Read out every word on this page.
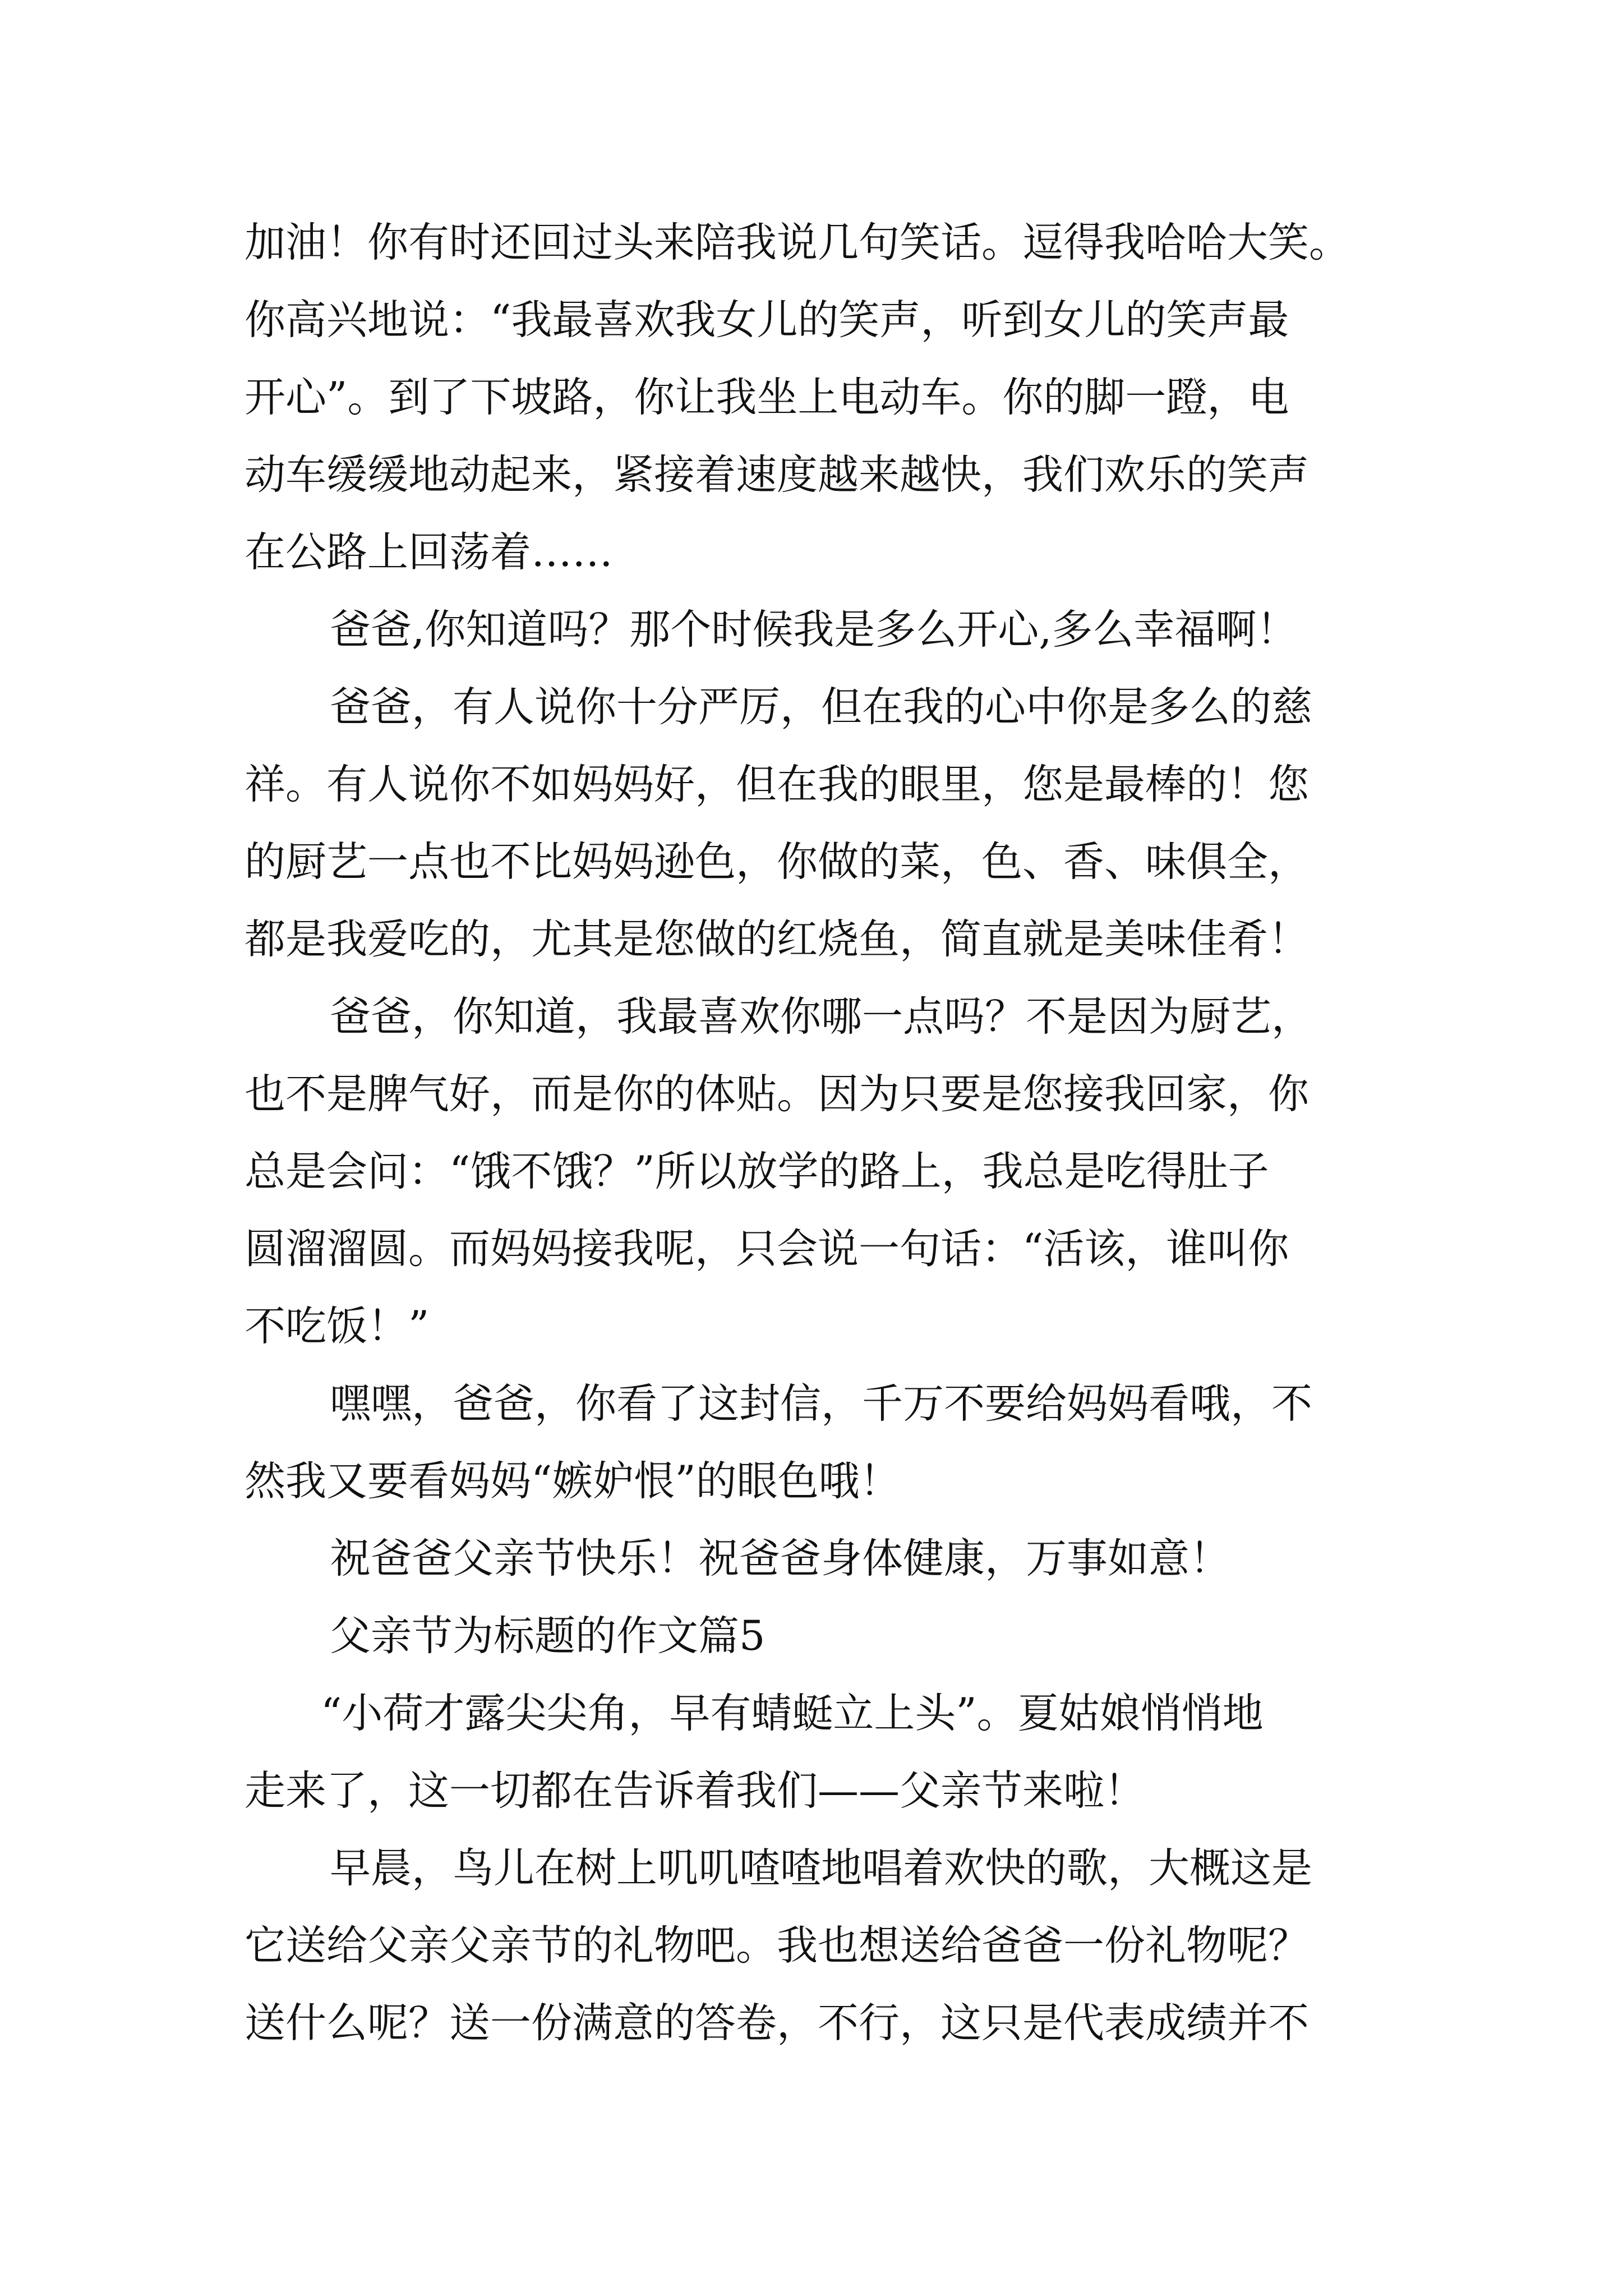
加油！你有时还回过头来陪我说几句笑话。逗得我哈哈大笑。

你高兴地说：“我最喜欢我女儿的笑声，听到女儿的笑声最

开心”。到了下坡路，你让我坐上电动车。你的脚一蹬，电

动车缓缓地动起来，紧接着速度越来越快，我们欢乐的笑声

在公路上回荡着……

爸爸,你知道吗？那个时候我是多么开心,多么幸福啊！

爸爸，有人说你十分严厉，但在我的心中你是多么的慈

祥。有人说你不如妈妈好，但在我的眼里，您是最棒的！您

的厨艺一点也不比妈妈逊色，你做的菜，色、香、味俱全，

都是我爱吃的，尤其是您做的红烧鱼，简直就是美味佳肴！

爸爸，你知道，我最喜欢你哪一点吗？不是因为厨艺，

也不是脾气好，而是你的体贴。因为只要是您接我回家，你

总是会问：“饿不饿？”所以放学的路上，我总是吃得肚子

圆溜溜圆。而妈妈接我呢，只会说一句话：“活该，谁叫你

不吃饭！”

嘿嘿，爸爸，你看了这封信，千万不要给妈妈看哦，不

然我又要看妈妈“嫉妒恨”的眼色哦！

祝爸爸父亲节快乐！祝爸爸身体健康，万事如意！

父亲节为标题的作文篇5

“小荷才露尖尖角，早有蜻蜓立上头”。夏姑娘悄悄地

走来了，这一切都在告诉着我们——父亲节来啦！

早晨，鸟儿在树上叽叽喳喳地唱着欢快的歌，大概这是

它送给父亲父亲节的礼物吧。我也想送给爸爸一份礼物呢？

送什么呢？送一份满意的答卷，不行，这只是代表成绩并不
